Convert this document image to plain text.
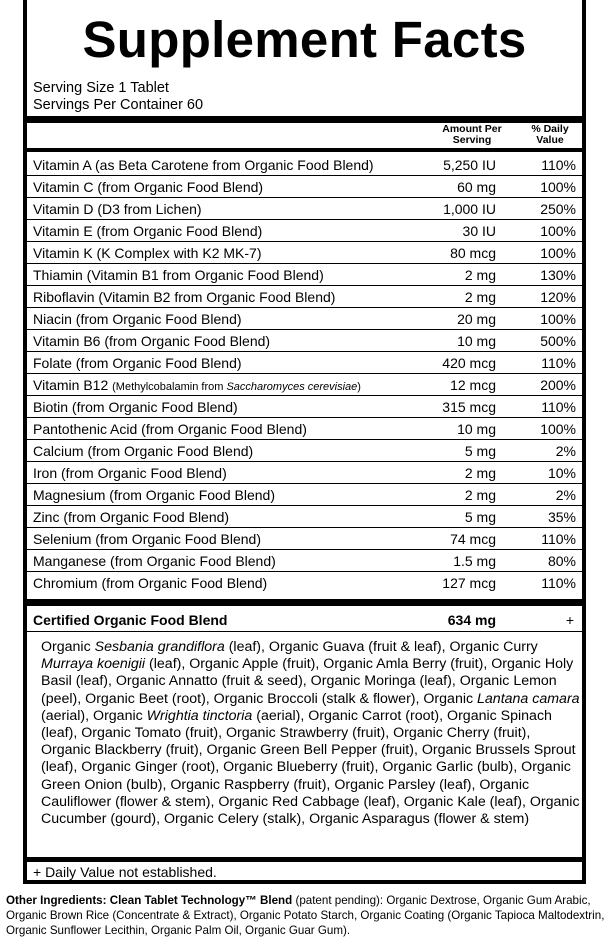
Supplement Facts
Serving Size 1 Tablet
Servings Per Container 60
Amount Per
Serving
% Daily
Value
Vitamin A (as Beta Carotene from Organic Food Blend)	5,250 IU	110%
Vitamin C (from Organic Food Blend)	60 mg	100%
Vitamin D (D3 from Lichen)	1,000 IU	250%
Vitamin E (from Organic Food Blend)	30 IU	100%
Vitamin K (K Complex with K2 MK-7)	80 mcg	100%
Thiamin (Vitamin B1 from Organic Food Blend)	2 mg	130%
Riboflavin (Vitamin B2 from Organic Food Blend)	2 mg	120%
Niacin (from Organic Food Blend)	20 mg	100%
Vitamin B6 (from Organic Food Blend)	10 mg	500%
Folate (from Organic Food Blend)	420 mcg	110%
Vitamin B12 (Methylcobalamin from Saccharomyces cerevisiae)	12 mcg	200%
Biotin (from Organic Food Blend)	315 mcg	110%
Pantothenic Acid (from Organic Food Blend)	10 mg	100%
Calcium (from Organic Food Blend)	5 mg	2%
Iron (from Organic Food Blend)	2 mg	10%
Magnesium (from Organic Food Blend)	2 mg	2%
Zinc (from Organic Food Blend)	5 mg	35%
Selenium (from Organic Food Blend)	74 mcg	110%
Manganese (from Organic Food Blend)	1.5 mg	80%
Chromium (from Organic Food Blend)	127 mcg	110%
Certified Organic Food Blend	634 mg	+
Organic Sesbania grandiflora (leaf), Organic Guava (fruit & leaf), Organic Curry Murraya koenigii (leaf), Organic Apple (fruit), Organic Amla Berry (fruit), Organic Holy Basil (leaf), Organic Annatto (fruit & seed), Organic Moringa (leaf), Organic Lemon (peel), Organic Beet (root), Organic Broccoli (stalk & flower), Organic Lantana camara (aerial), Organic Wrightia tinctoria (aerial), Organic Carrot (root), Organic Spinach (leaf), Organic Tomato (fruit), Organic Strawberry (fruit), Organic Cherry (fruit), Organic Blackberry (fruit), Organic Green Bell Pepper (fruit), Organic Brussels Sprout (leaf), Organic Ginger (root), Organic Blueberry (fruit), Organic Garlic (bulb), Organic Green Onion (bulb), Organic Raspberry (fruit), Organic Parsley (leaf), Organic Cauliflower (flower & stem), Organic Red Cabbage (leaf), Organic Kale (leaf), Organic Cucumber (gourd), Organic Celery (stalk), Organic Asparagus (flower & stem)
+ Daily Value not established.
Other Ingredients: Clean Tablet Technology™ Blend (patent pending): Organic Dextrose, Organic Gum Arabic, Organic Brown Rice (Concentrate & Extract), Organic Potato Starch, Organic Coating (Organic Tapioca Maltodextrin, Organic Sunflower Lecithin, Organic Palm Oil, Organic Guar Gum).
